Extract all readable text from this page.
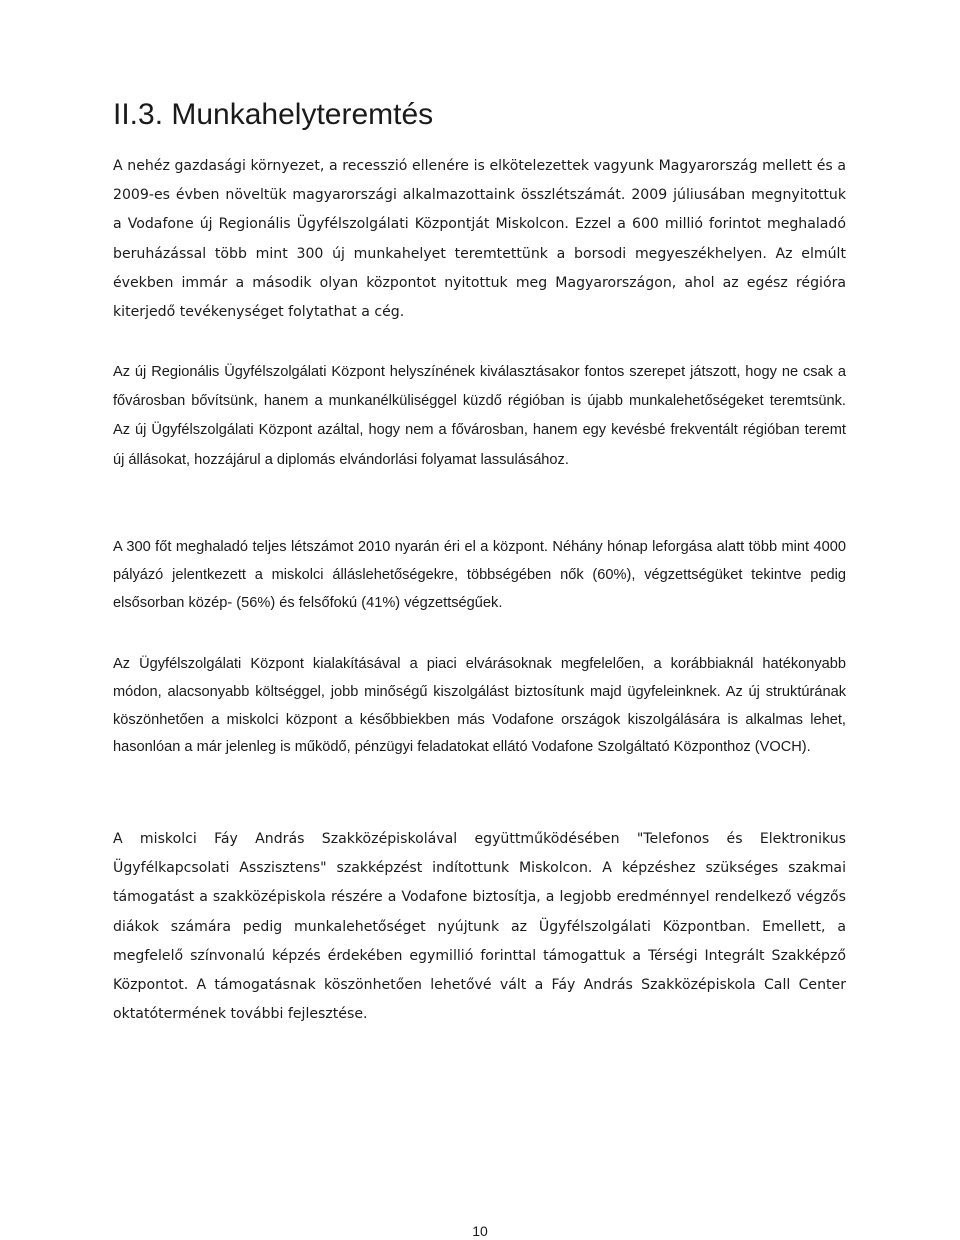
II.3. Munkahelyteremtés

A nehéz gazdasági környezet, a recesszió ellenére is elkötelezettek vagyunk Magyarország mellett és a 2009-es évben növeltük magyarországi alkalmazottaink összlétszámát. 2009 júliusában megnyitottuk a Vodafone új Regionális Ügyfélszolgálati Központját Miskolcon. Ezzel a 600 millió forintot meghaladó beruházással több mint 300 új munkahelyet teremtettünk a borsodi megyeszékhelyen. Az elmúlt években immár a második olyan központot nyitottuk meg Magyarországon, ahol az egész régióra kiterjedő tevékenységet folytathat a cég.

Az új Regionális Ügyfélszolgálati Központ helyszínének kiválasztásakor fontos szerepet játszott, hogy ne csak a fővárosban bővítsünk, hanem a munkanélküliséggel küzdő régióban is újabb munkalehetőségeket teremtsünk. Az új Ügyfélszolgálati Központ azáltal, hogy nem a fővárosban, hanem egy kevésbé frekventált régióban teremt új állásokat, hozzájárul a diplomás elvándorlási folyamat lassulásához.

A 300 főt meghaladó teljes létszámot 2010 nyarán éri el a központ. Néhány hónap leforgása alatt több mint 4000 pályázó jelentkezett a miskolci álláslehetőségekre, többségében nők (60%), végzettségüket tekintve pedig elsősorban közép- (56%) és felsőfokú (41%) végzettségűek.

Az Ügyfélszolgálati Központ kialakításával a piaci elvárásoknak megfelelően, a korábbiaknál hatékonyabb módon, alacsonyabb költséggel, jobb minőségű kiszolgálást biztosítunk majd ügyfeleinknek. Az új struktúrának köszönhetően a miskolci központ a későbbiekben más Vodafone országok kiszolgálására is alkalmas lehet, hasonlóan a már jelenleg is működő, pénzügyi feladatokat ellátó Vodafone Szolgáltató Központhoz (VOCH).

A miskolci Fáy András Szakközépiskolával együttműködésében "Telefonos és Elektronikus Ügyfélkapcsolati Asszisztens" szakképzést indítottunk Miskolcon. A képzéshez szükséges szakmai támogatást a szakközépiskola részére a Vodafone biztosítja, a legjobb eredménnyel rendelkező végzős diákok számára pedig munkalehetőséget nyújtunk az Ügyfélszolgálati Központban. Emellett, a megfelelő színvonalú képzés érdekében egymillió forinttal támogattuk a Térségi Integrált Szakképző Központot. A támogatásnak köszönhetően lehetővé vált a Fáy András Szakközépiskola Call Center oktatótermének további fejlesztése.

10
